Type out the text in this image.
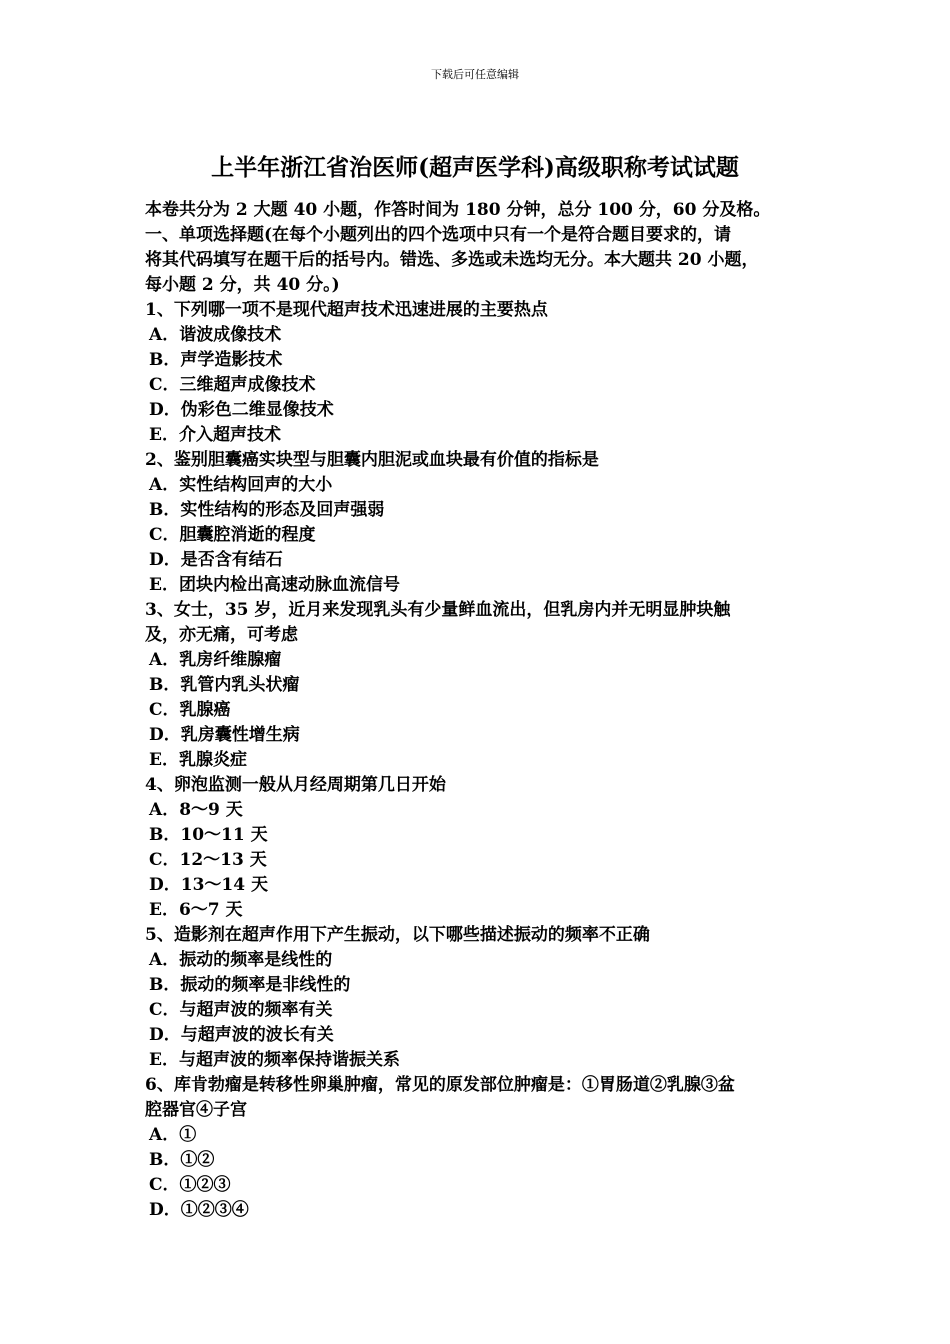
下载后可任意编辑
上半年浙江省治医师(超声医学科)高级职称考试试题
本卷共分为 2 大题 40 小题，作答时间为 180 分钟，总分 100 分，60 分及格。
一、单项选择题(在每个小题列出的四个选项中只有一个是符合题目要求的，请
将其代码填写在题干后的括号内。错选、多选或未选均无分。本大题共 20 小题，
每小题 2 分，共 40 分。)
1、下列哪一项不是现代超声技术迅速进展的主要热点
A．谐波成像技术
B．声学造影技术
C．三维超声成像技术
D．伪彩色二维显像技术
E．介入超声技术
2、鉴别胆囊癌实块型与胆囊内胆泥或血块最有价值的指标是
A．实性结构回声的大小
B．实性结构的形态及回声强弱
C．胆囊腔消逝的程度
D．是否含有结石
E．团块内检出高速动脉血流信号
3、女士，35 岁，近月来发现乳头有少量鲜血流出，但乳房内并无明显肿块触
及，亦无痛，可考虑
A．乳房纤维腺瘤
B．乳管内乳头状瘤
C．乳腺癌
D．乳房囊性增生病
E．乳腺炎症
4、卵泡监测一般从月经周期第几日开始
A．8～9 天
B．10～11 天
C．12～13 天
D．13～14 天
E．6～7 天
5、造影剂在超声作用下产生振动，以下哪些描述振动的频率不正确
A．振动的频率是线性的
B．振动的频率是非线性的
C．与超声波的频率有关
D．与超声波的波长有关
E．与超声波的频率保持谐振关系
6、库肯勃瘤是转移性卵巢肿瘤，常见的原发部位肿瘤是：①胃肠道②乳腺③盆
腔器官④子宫
A．①
B．①②
C．①②③
D．①②③④
